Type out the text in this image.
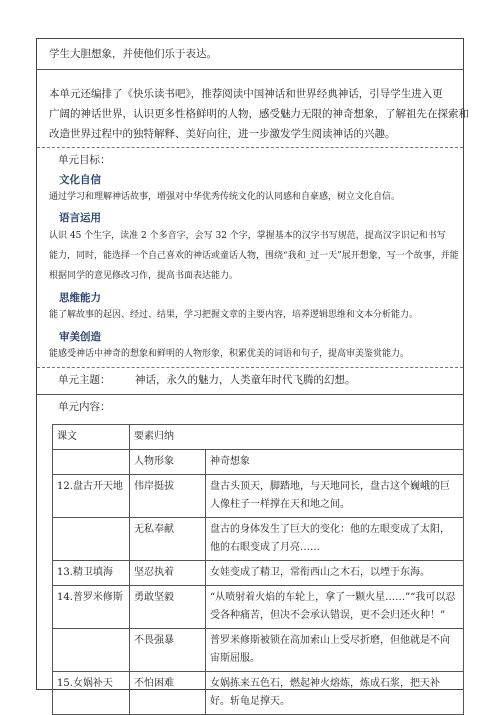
学生大胆想象，并使他们乐于表达。
本单元还编排了《快乐读书吧》，推荐阅读中国神话和世界经典神话，引导学生进入更
广阔的神话世界，认识更多性格鲜明的人物，感受魅力无限的神奇想象，了解祖先在探索和
改造世界过程中的独特解释、美好向往，进一步激发学生阅读神话的兴趣。
单元目标：
文化自信
通过学习和理解神话故事，增强对中华优秀传统文化的认同感和自豪感，树立文化自信。
语言运用
认识 45 个生字，读准 2 个多音字，会写 32 个字，掌握基本的汉字书写规范，提高汉字识记和书写
能力，同时，能选择一个自己喜欢的神话或童话人物，围绕“我和_过一天”展开想象，写一个故事，并能
根据同学的意见修改习作，提高书面表达能力。
思维能力
能了解故事的起因、经过、结果，学习把握文章的主要内容，培养逻辑思维和文本分析能力。
审美创造
能感受神话中神奇的想象和鲜明的人物形象，积累优美的词语和句子，提高审美鉴赏能力。
单元主题： 神话，永久的魅力，人类童年时代飞腾的幻想。
单元内容：
课文	要素归纳	
	人物形象	神奇想象
12.盘古开天地	伟岸挺拔	盘古头顶天，脚踏地，与天地同长，盘古这个巍峨的巨人像柱子一样撑在天和地之间。
	无私奉献	盘古的身体发生了巨大的变化：他的左眼变成了太阳，他的右眼变成了月亮……
13.精卫填海	坚忍执着	女娃变成了精卫，常衔西山之木石，以堙于东海。
14.普罗米修斯	勇敢坚毅	“从喷射着火焰的车轮上，拿了一颗火星……”“我可以忍受各种痛苦，但决不会承认错误，更不会归还火种！”
	不畏强暴	普罗米修斯被锁在高加索山上受尽折磨，但他就是不向宙斯屈服。
15.女娲补天	不怕困难	女娲拣来五色石，燃起神火熔炼，炼成石浆，把天补好。斩龟足撑天。
